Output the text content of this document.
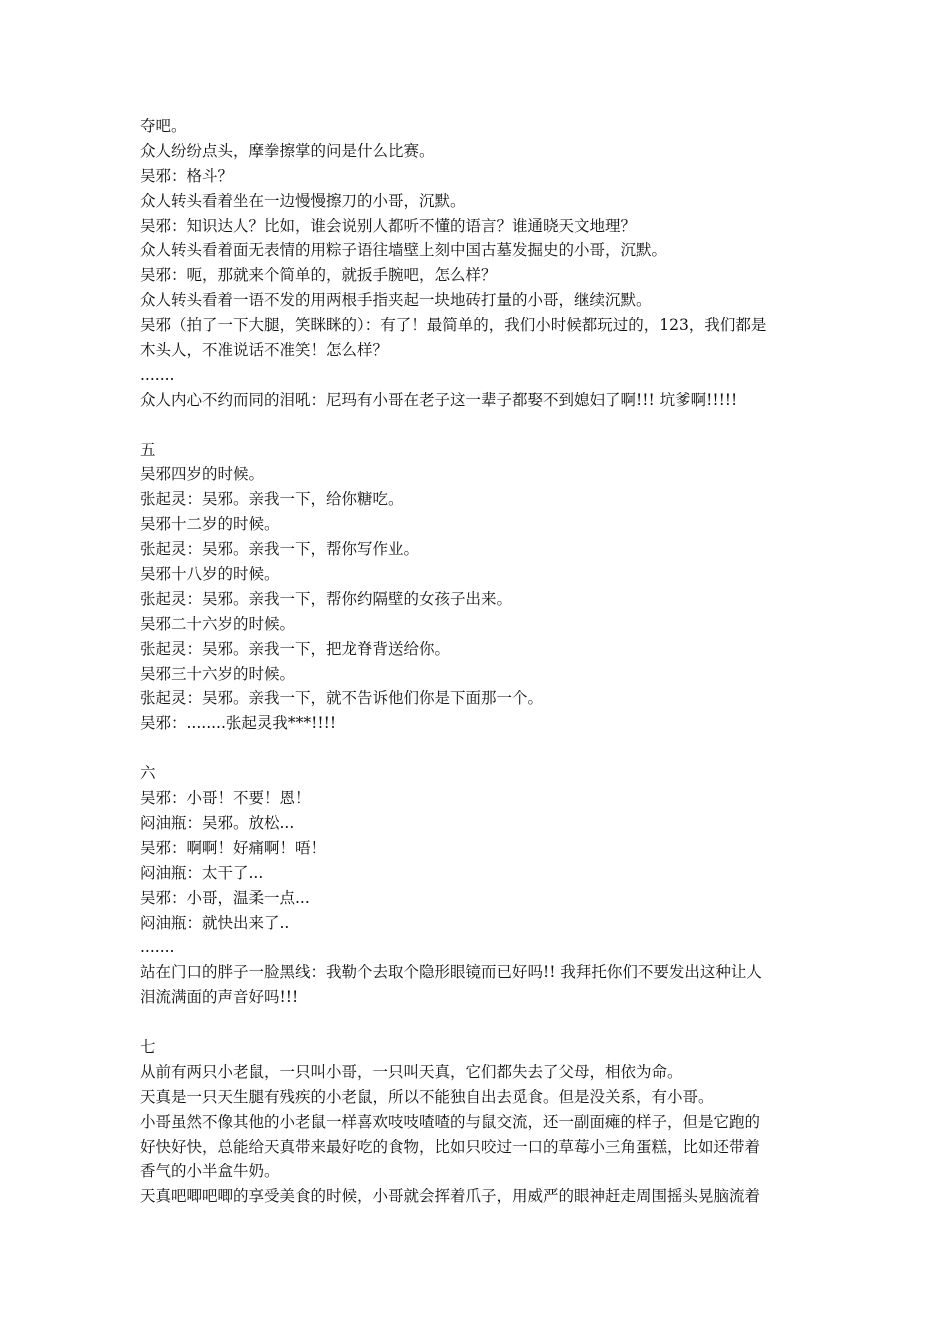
夺吧。
众人纷纷点头，摩拳擦掌的问是什么比赛。
吴邪：格斗？
众人转头看着坐在一边慢慢擦刀的小哥，沉默。
吴邪：知识达人？比如，谁会说别人都听不懂的语言？谁通晓天文地理？
众人转头看着面无表情的用粽子语往墙壁上刻中国古墓发掘史的小哥，沉默。
吴邪：呃，那就来个简单的，就扳手腕吧，怎么样？
众人转头看着一语不发的用两根手指夹起一块地砖打量的小哥，继续沉默。
吴邪（拍了一下大腿，笑眯眯的）：有了！最简单的，我们小时候都玩过的，123，我们都是
木头人，不准说话不准笑！怎么样？
.......
众人内心不约而同的泪吼：尼玛有小哥在老子这一辈子都娶不到媳妇了啊!!! 坑爹啊!!!!!
五
吴邪四岁的时候。
张起灵：吴邪。亲我一下，给你糖吃。
吴邪十二岁的时候。
张起灵：吴邪。亲我一下，帮你写作业。
吴邪十八岁的时候。
张起灵：吴邪。亲我一下，帮你约隔壁的女孩子出来。
吴邪二十六岁的时候。
张起灵：吴邪。亲我一下，把龙脊背送给你。
吴邪三十六岁的时候。
张起灵：吴邪。亲我一下，就不告诉他们你是下面那一个。
吴邪：........张起灵我***!!!!
六
吴邪：小哥！不要！恩！
闷油瓶：吴邪。放松...
吴邪：啊啊！好痛啊！唔！
闷油瓶：太干了...
吴邪：小哥，温柔一点...
闷油瓶：就快出来了..
.......
站在门口的胖子一脸黑线：我勒个去取个隐形眼镜而已好吗!! 我拜托你们不要发出这种让人
泪流满面的声音好吗!!!
七
从前有两只小老鼠，一只叫小哥，一只叫天真，它们都失去了父母，相依为命。
天真是一只天生腿有残疾的小老鼠，所以不能独自出去觅食。但是没关系，有小哥。
小哥虽然不像其他的小老鼠一样喜欢吱吱喳喳的与鼠交流，还一副面瘫的样子，但是它跑的
好快好快，总能给天真带来最好吃的食物，比如只咬过一口的草莓小三角蛋糕，比如还带着
香气的小半盒牛奶。
天真吧唧吧唧的享受美食的时候，小哥就会挥着爪子，用威严的眼神赶走周围摇头晃脑流着
